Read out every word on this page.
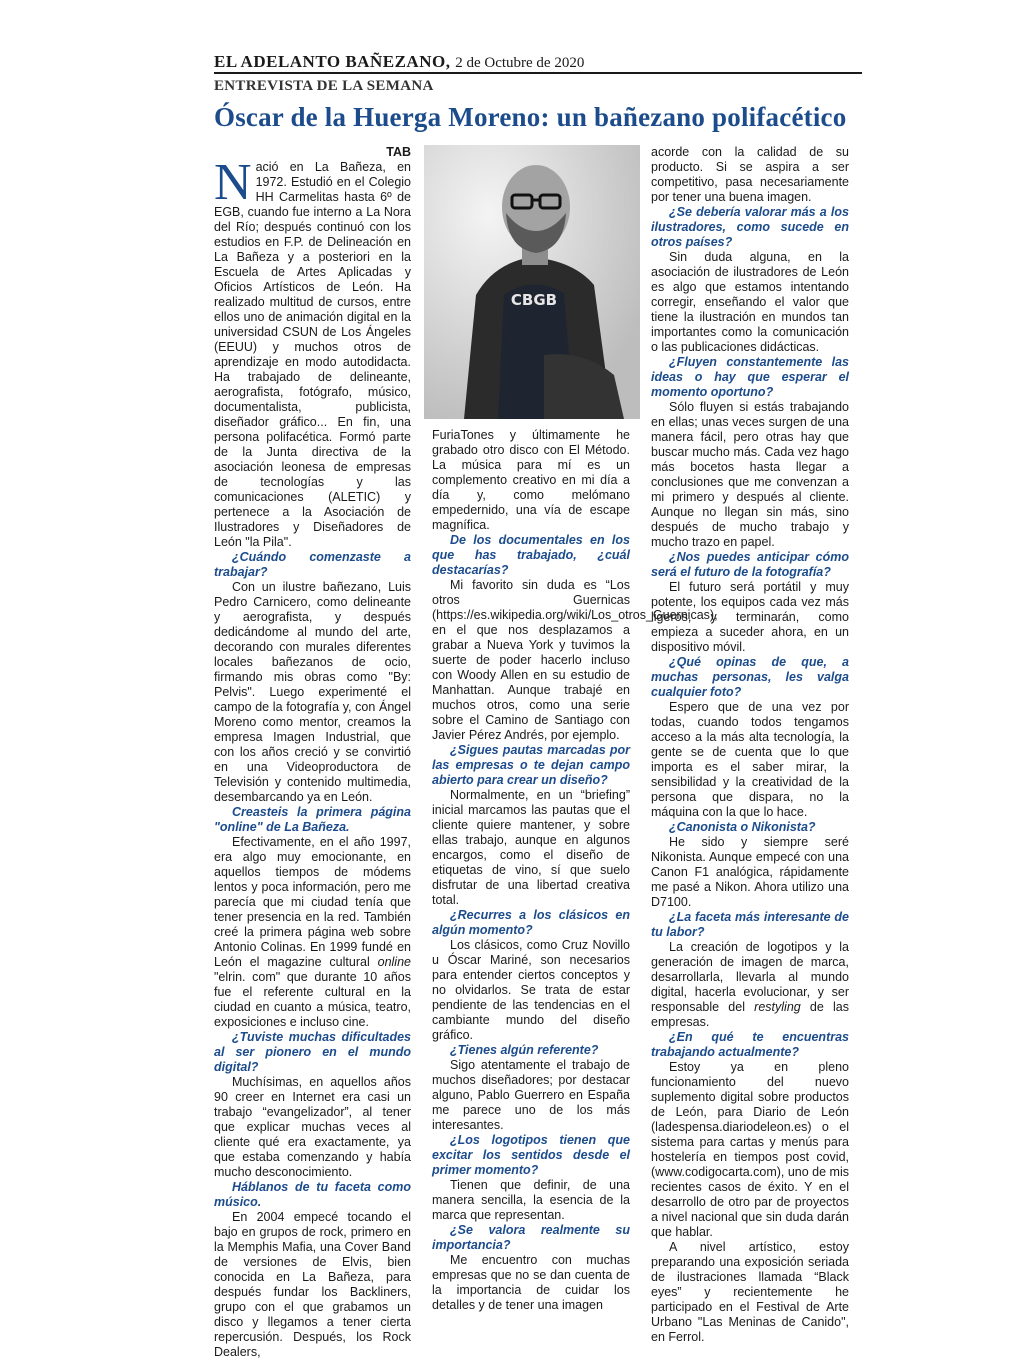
EL ADELANTO BAÑEZANO, 2 de Octubre de 2020
ENTREVISTA DE LA SEMANA
Óscar de la Huerga Moreno: un bañezano polifacético
CBGB

TAB

Nació en La Bañeza, en 1972. Estudió en el Colegio HH Carmelitas hasta 6º de EGB, cuando fue interno a La Nora del Río; después continuó con los estudios en F.P. de Delineación en La Bañeza y a posteriori en la Escuela de Artes Aplicadas y Oficios Artísticos de León. Ha realizado multitud de cursos, entre ellos uno de animación digital en la universidad CSUN de Los Ángeles (EEUU) y muchos otros de aprendizaje en modo autodidacta. Ha trabajado de delineante, aerografista, fotógrafo, músico, documentalista, publicista, diseñador gráfico... En fin, una persona polifacética. Formó parte de la Junta directiva de la asociación leonesa de empresas de tecnologías y las comunicaciones (ALETIC) y pertenece a la Asociación de Ilustradores y Diseñadores de León "la Pila".

¿Cuándo comenzaste a trabajar?

Con un ilustre bañezano, Luis Pedro Carnicero, como delineante y aerografista, y después dedicándome al mundo del arte, decorando con murales diferentes locales bañezanos de ocio, firmando mis obras como "By: Pelvis". Luego experimenté el campo de la fotografía y, con Ángel Moreno como mentor, creamos la empresa Imagen Industrial, que con los años creció y se convirtió en una Videoproductora de Televisión y contenido multimedia, desembarcando ya en León.

Creasteis la primera página "online" de La Bañeza.

Efectivamente, en el año 1997, era algo muy emocionante, en aquellos tiempos de módems lentos y poca información, pero me parecía que mi ciudad tenía que tener presencia en la red. También creé la primera página web sobre Antonio Colinas. En 1999 fundé en León el magazine cultural online "elrin. com" que durante 10 años fue el referente cultural en la ciudad en cuanto a música, teatro, exposiciones e incluso cine.

¿Tuviste muchas dificultades al ser pionero en el mundo digital?

Muchísimas, en aquellos años 90 creer en Internet era casi un trabajo “evangelizador”, al tener que explicar muchas veces al cliente qué era exactamente, ya que estaba comenzando y había mucho desconocimiento.

Háblanos de tu faceta como músico.

En 2004 empecé tocando el bajo en grupos de rock, primero en la Memphis Mafia, una Cover Band de versiones de Elvis, bien conocida en La Bañeza, para después fundar los Backliners, grupo con el que grabamos un disco y llegamos a tener cierta repercusión. Después, los Rock Dealers,

FuriaTones y últimamente he grabado otro disco con El Método. La música para mí es un complemento creativo en mi día a día y, como melómano empedernido, una vía de escape magnífica.

De los documentales en los que has trabajado, ¿cuál destacarías?

Mi favorito sin duda es “Los otros Guernicas (https://es.wikipedia.org/wiki/Los_otros_Guernicas), en el que nos desplazamos a grabar a Nueva York y tuvimos la suerte de poder hacerlo incluso con Woody Allen en su estudio de Manhattan. Aunque trabajé en muchos otros, como una serie sobre el Camino de Santiago con Javier Pérez Andrés, por ejemplo.

¿Sigues pautas marcadas por las empresas o te dejan campo abierto para crear un diseño?

Normalmente, en un “briefing” inicial marcamos las pautas que el cliente quiere mantener, y sobre ellas trabajo, aunque en algunos encargos, como el diseño de etiquetas de vino, sí que suelo disfrutar de una libertad creativa total.

¿Recurres a los clásicos en algún momento?

Los clásicos, como Cruz Novillo u Óscar Mariné, son necesarios para entender ciertos conceptos y no olvidarlos. Se trata de estar pendiente de las tendencias en el cambiante mundo del diseño gráfico.

¿Tienes algún referente?

Sigo atentamente el trabajo de muchos diseñadores; por destacar alguno, Pablo Guerrero en España me parece uno de los más interesantes.

¿Los logotipos tienen que excitar los sentidos desde el primer momento?

Tienen que definir, de una manera sencilla, la esencia de la marca que representan.

¿Se valora realmente su importancia?

Me encuentro con muchas empresas que no se dan cuenta de la importancia de cuidar los detalles y de tener una imagen

acorde con la calidad de su producto. Si se aspira a ser competitivo, pasa necesariamente por tener una buena imagen.

¿Se debería valorar más a los ilustradores, como sucede en otros países?

Sin duda alguna, en la asociación de ilustradores de León es algo que estamos intentando corregir, enseñando el valor que tiene la ilustración en mundos tan importantes como la comunicación o las publicaciones didácticas.

¿Fluyen constantemente las ideas o hay que esperar el momento oportuno?

Sólo fluyen si estás trabajando en ellas; unas veces surgen de una manera fácil, pero otras hay que buscar mucho más. Cada vez hago más bocetos hasta llegar a conclusiones que me convenzan a mi primero y después al cliente. Aunque no llegan sin más, sino después de mucho trabajo y mucho trazo en papel.

¿Nos puedes anticipar cómo será el futuro de la fotografía?

El futuro será portátil y muy potente, los equipos cada vez más ligeros, y terminarán, como empieza a suceder ahora, en un dispositivo móvil.

¿Qué opinas de que, a muchas personas, les valga cualquier foto?

Espero que de una vez por todas, cuando todos tengamos acceso a la más alta tecnología, la gente se de cuenta que lo que importa es el saber mirar, la sensibilidad y la creatividad de la persona que dispara, no la máquina con la que lo hace.

¿Canonista o Nikonista?

He sido y siempre seré Nikonista. Aunque empecé con una Canon F1 analógica, rápidamente me pasé a Nikon. Ahora utilizo una D7100.

¿La faceta más interesante de tu labor?

La creación de logotipos y la generación de imagen de marca, desarrollarla, llevarla al mundo digital, hacerla evolucionar, y ser responsable del restyling de las empresas.

¿En qué te encuentras trabajando actualmente?

Estoy ya en pleno funcionamiento del nuevo suplemento digital sobre productos de León, para Diario de León (ladespensa.diariodeleon.es) o el sistema para cartas y menús para hostelería en tiempos post covid, (www.codigocarta.com), uno de mis recientes casos de éxito. Y en el desarrollo de otro par de proyectos a nivel nacional que sin duda darán que hablar.

A nivel artístico, estoy preparando una exposición seriada de ilustraciones llamada “Black eyes” y recientemente he participado en el Festival de Arte Urbano "Las Meninas de Canido", en Ferrol.
